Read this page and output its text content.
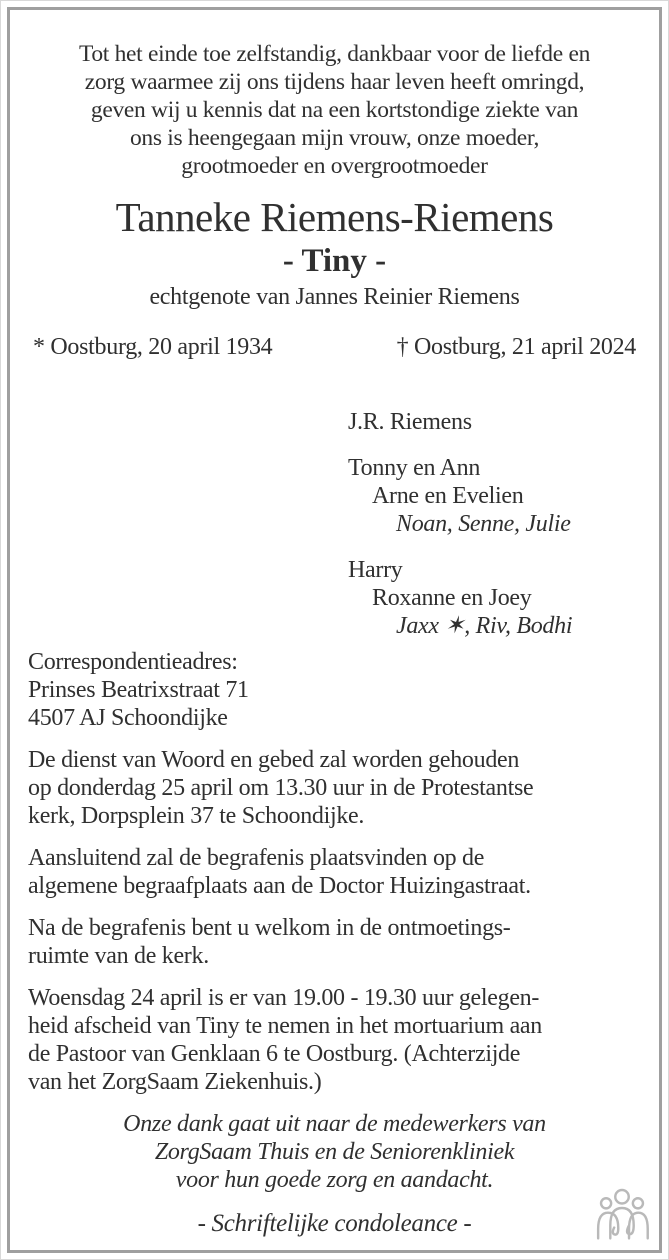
Tot het einde toe zelfstandig, dankbaar voor de liefde en
zorg waarmee zij ons tijdens haar leven heeft omringd,
geven wij u kennis dat na een kortstondige ziekte van
ons is heengegaan mijn vrouw, onze moeder,
grootmoeder en overgrootmoeder
Tanneke Riemens-Riemens
- Tiny -
echtgenote van Jannes Reinier Riemens
* Oostburg, 20 april 1934	† Oostburg, 21 april 2024
J.R. Riemens
Tonny en Ann
Arne en Evelien
Noan, Senne, Julie
Harry
Roxanne en Joey
Jaxx ✶, Riv, Bodhi
Correspondentieadres:
Prinses Beatrixstraat 71
4507 AJ Schoondijke
De dienst van Woord en gebed zal worden gehouden
op donderdag 25 april om 13.30 uur in de Protestantse
kerk, Dorpsplein 37 te Schoondijke.
Aansluitend zal de begrafenis plaatsvinden op de
algemene begraafplaats aan de Doctor Huizingastraat.
Na de begrafenis bent u welkom in de ontmoetings-
ruimte van de kerk.
Woensdag 24 april is er van 19.00 - 19.30 uur gelegen-
heid afscheid van Tiny te nemen in het mortuarium aan
de Pastoor van Genklaan 6 te Oostburg. (Achterzijde
van het ZorgSaam Ziekenhuis.)
Onze dank gaat uit naar de medewerkers van
ZorgSaam Thuis en de Seniorenkliniek
voor hun goede zorg en aandacht.
- Schriftelijke condoleance -
